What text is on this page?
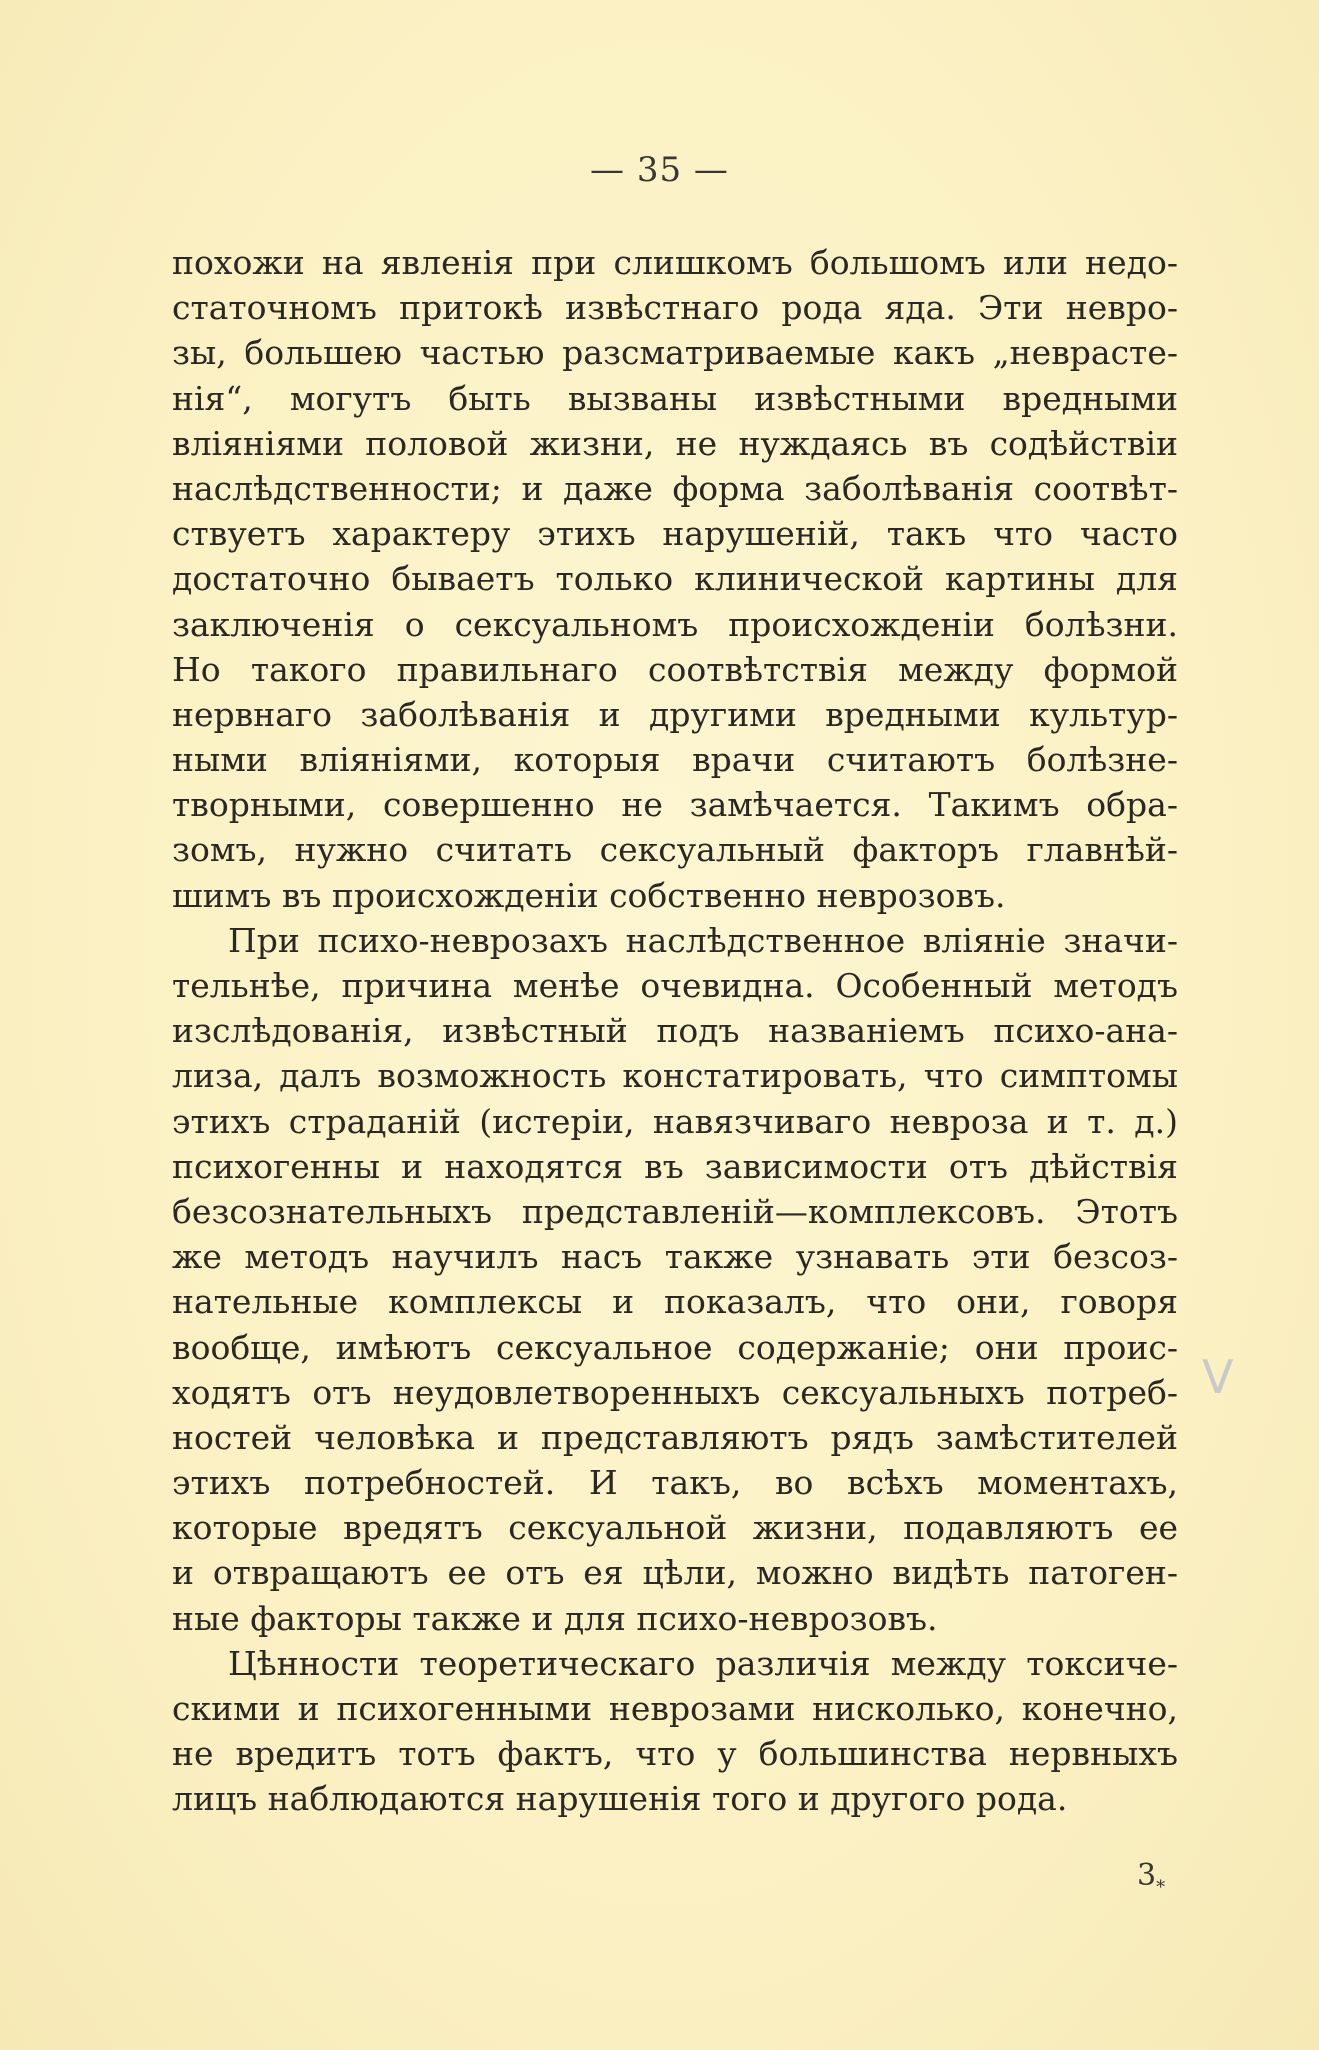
— 35 —
похожи на явленія при слишкомъ большомъ или недо-
статочномъ притокѣ извѣстнаго рода яда. Эти невро-
зы, большею частью разсматриваемые какъ „неврасте-
нія“, могутъ быть вызваны извѣстными вредными
вліяніями половой жизни, не нуждаясь въ содѣйствіи
наслѣдственности; и даже форма заболѣванія соотвѣт-
ствуетъ характеру этихъ нарушеній, такъ что часто
достаточно бываетъ только клинической картины для
заключенія о сексуальномъ происхожденіи болѣзни.
Но такого правильнаго соотвѣтствія между формой
нервнаго заболѣванія и другими вредными культур-
ными вліяніями, которыя врачи считаютъ болѣзне-
творными, совершенно не замѣчается. Такимъ обра-
зомъ, нужно считать сексуальный факторъ главнѣй-
шимъ въ происхожденіи собственно неврозовъ.
При психо-неврозахъ наслѣдственное вліяніе значи-
тельнѣе, причина менѣе очевидна. Особенный методъ
изслѣдованія, извѣстный подъ названіемъ психо-ана-
лиза, далъ возможность констатировать, что симптомы
этихъ страданій (истеріи, навязчиваго невроза и т. д.)
психогенны и находятся въ зависимости отъ дѣйствія
безсознательныхъ представленій—комплексовъ. Этотъ
же методъ научилъ насъ также узнавать эти безсоз-
нательные комплексы и показалъ, что они, говоря
вообще, имѣютъ сексуальное содержаніе; они проис-
ходятъ отъ неудовлетворенныхъ сексуальныхъ потреб-
ностей человѣка и представляютъ рядъ замѣстителей
этихъ потребностей. И такъ, во всѣхъ моментахъ,
которые вредятъ сексуальной жизни, подавляютъ ее
и отвращаютъ ее отъ ея цѣли, можно видѣть патоген-
ные факторы также и для психо-неврозовъ.
Цѣнности теоретическаго различія между токсиче-
скими и психогенными неврозами нисколько, конечно,
не вредитъ тотъ фактъ, что у большинства нервныхъ
лицъ наблюдаются нарушенія того и другого рода.
V
$3_*$
